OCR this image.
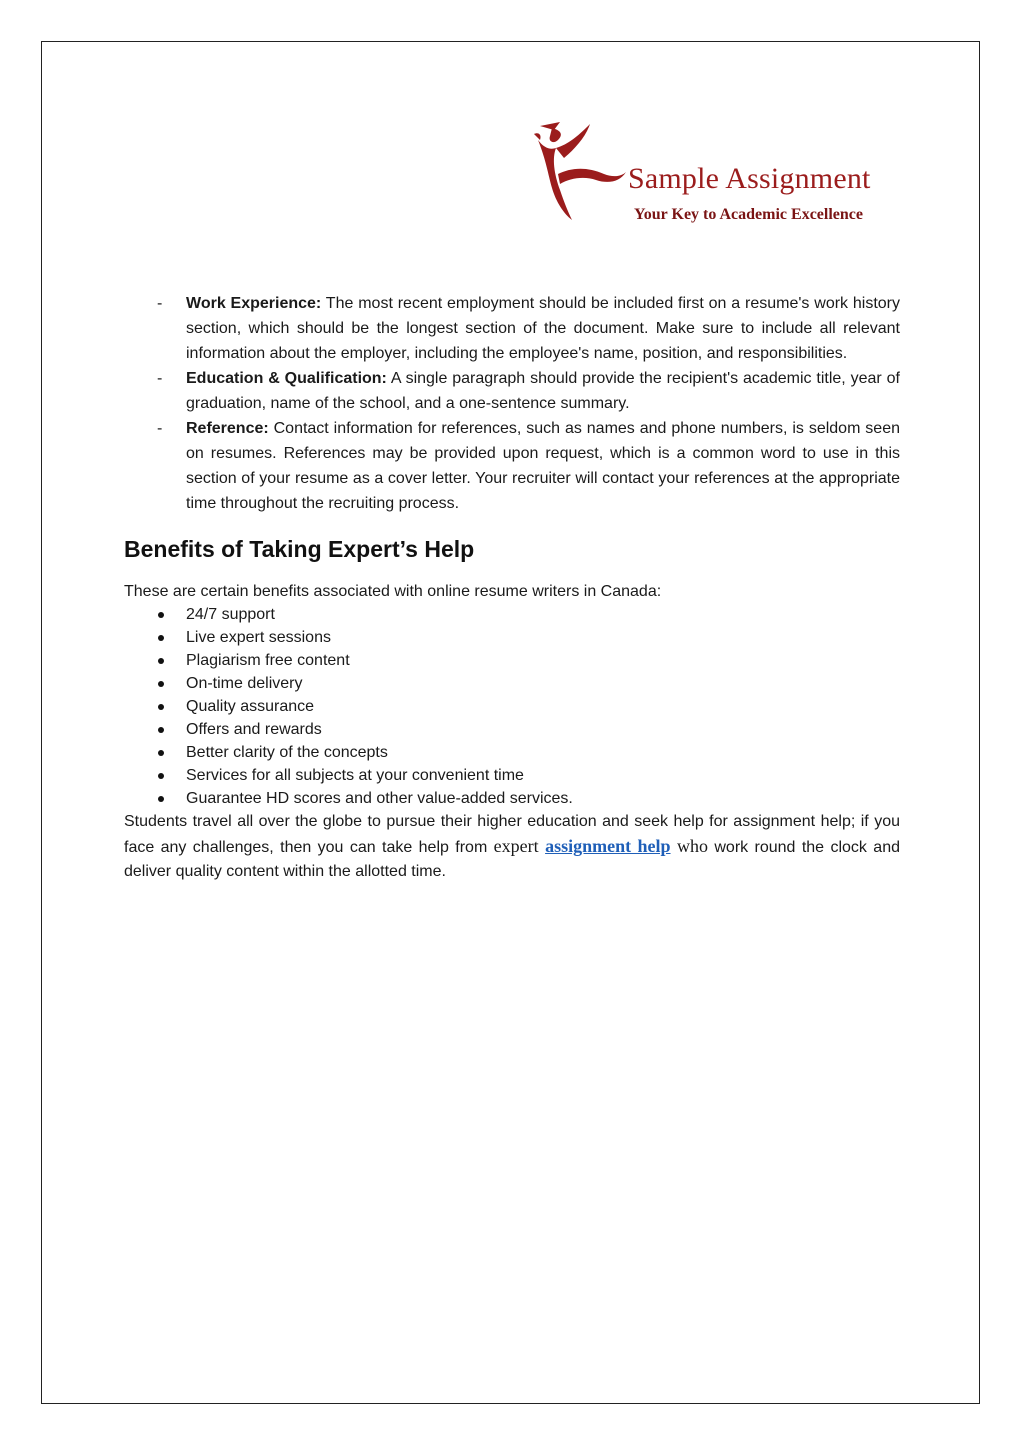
Sample Assignment
Your Key to Academic Excellence
- Work Experience: The most recent employment should be included first on a resume's work history section, which should be the longest section of the document. Make sure to include all relevant information about the employer, including the employee's name, position, and responsibilities.
- Education & Qualification: A single paragraph should provide the recipient's academic title, year of graduation, name of the school, and a one-sentence summary.
- Reference: Contact information for references, such as names and phone numbers, is seldom seen on resumes. References may be provided upon request, which is a common word to use in this section of your resume as a cover letter. Your recruiter will contact your references at the appropriate time throughout the recruiting process.
Benefits of Taking Expert’s Help

These are certain benefits associated with online resume writers in Canada:

24/7 support
Live expert sessions
Plagiarism free content
On-time delivery
Quality assurance
Offers and rewards
Better clarity of the concepts
Services for all subjects at your convenient time
Guarantee HD scores and other value-added services.

Students travel all over the globe to pursue their higher education and seek help for assignment help; if you face any challenges, then you can take help from expert assignment help who work round the clock and deliver quality content within the allotted time.
